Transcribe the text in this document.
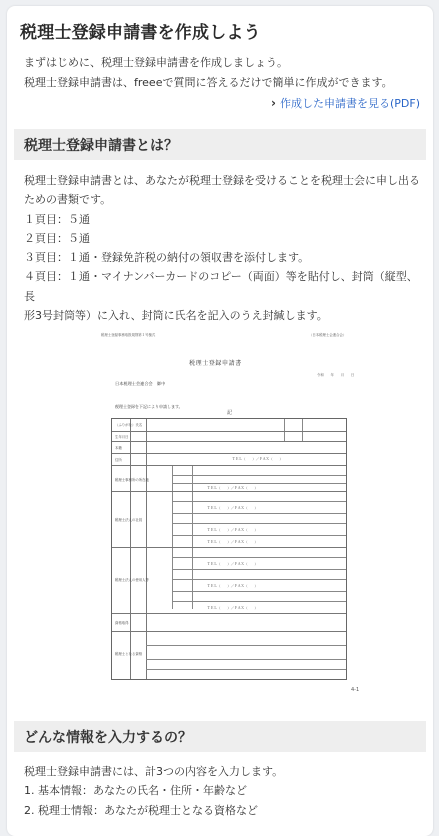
税理士登録申請書を作成しよう
まずはじめに、税理士登録申請書を作成しましょう。
税理士登録申請書は、freeeで質問に答えるだけで簡単に作成ができます。
› 作成した申請書を見る(PDF)
税理士登録申請書とは？
税理士登録申請書とは、あなたが税理士登録を受けることを税理士会に申し出る
ための書類です。
１頁目：５通
２頁目：５通
３頁目：１通・登録免許税の納付の領収書を添付します。
４頁目：１通・マイナンバーカードのコピー（両面）等を貼付し、封筒（縦型、長
形3号封筒等）に入れ、封筒に氏名を記入のうえ封緘します。
税理士登録事務取扱規則第１号様式	（日本税理士会連合会）
税理士登録申請書
令和　　年　　月　　日
日本税理士会連合会　御中
税理士登録を下記により申請します。
記
（ふりがな）氏名
生年月日
本籍
住所
税理士事務所の所在地
税理士法人の社員
税理士法人の使用人等
資格取得
税理士となる資格
ＴＥＬ（　　）／ＦＡＸ（　　）
ＴＥＬ（　　）／ＦＡＸ（　　）
ＴＥＬ（　　）／ＦＡＸ（　　）
ＴＥＬ（　　）／ＦＡＸ（　　）
ＴＥＬ（　　）／ＦＡＸ（　　）
ＴＥＬ（　　）／ＦＡＸ（　　）
ＴＥＬ（　　）／ＦＡＸ（　　）
ＴＥＬ（　　）／ＦＡＸ（　　）
4-1
どんな情報を入力するの？
税理士登録申請書には、計3つの内容を入力します。
1. 基本情報：あなたの氏名・住所・年齢など
2. 税理士情報：あなたが税理士となる資格など
